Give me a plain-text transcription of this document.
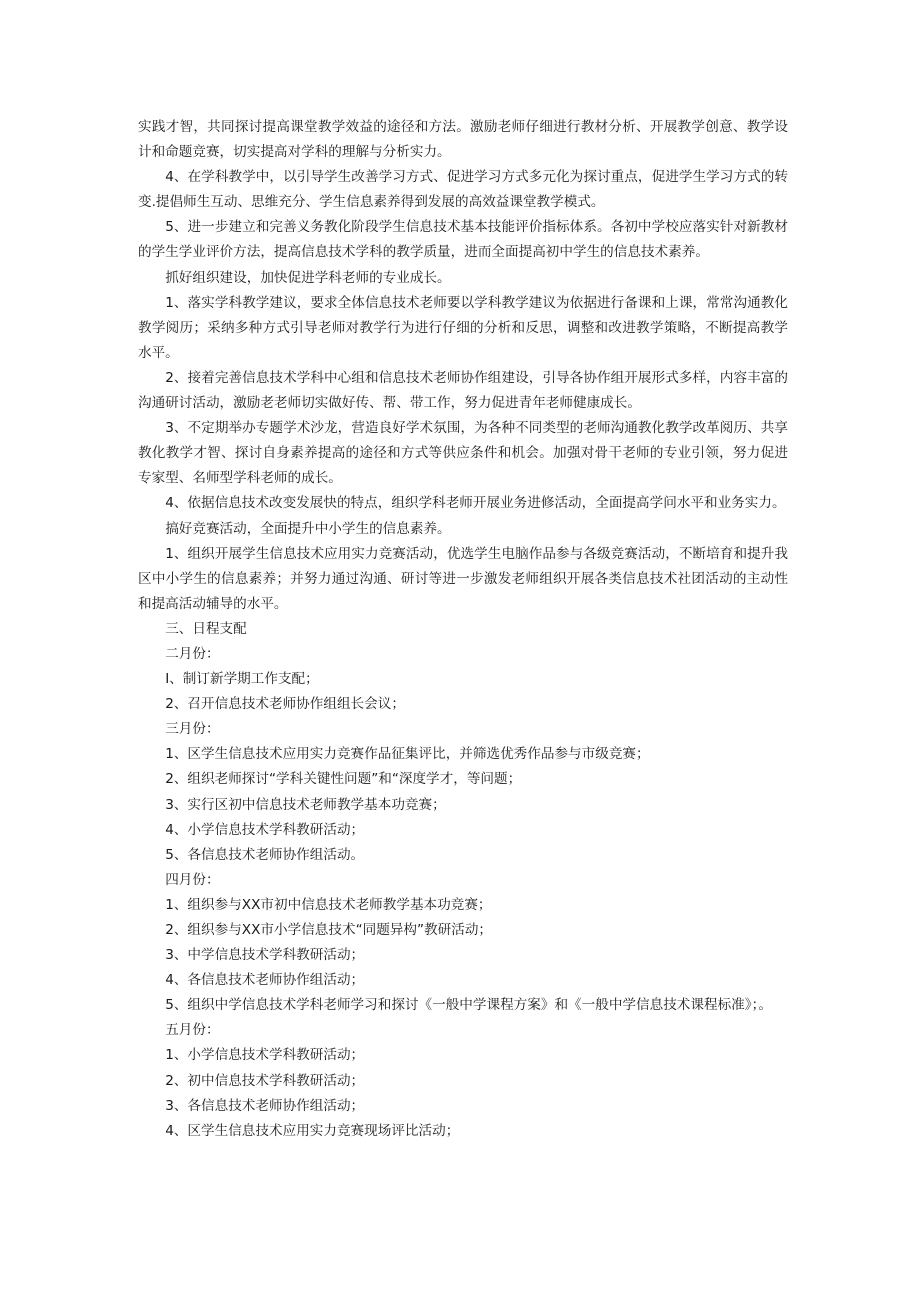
实践才智，共同探讨提高课堂教学效益的途径和方法。激励老师仔细进行教材分析、开展教学创意、教学设计和命题竞赛，切实提高对学科的理解与分析实力。

4、在学科教学中，以引导学生改善学习方式、促进学习方式多元化为探讨重点，促进学生学习方式的转变.提倡师生互动、思维充分、学生信息素养得到发展的高效益课堂教学模式。

5、进一步建立和完善义务教化阶段学生信息技术基本技能评价指标体系。各初中学校应落实针对新教材的学生学业评价方法，提高信息技术学科的教学质量，进而全面提高初中学生的信息技术素养。

抓好组织建设，加快促进学科老师的专业成长。

1、落实学科教学建议，要求全体信息技术老师要以学科教学建议为依据进行备课和上课，常常沟通教化教学阅历；采纳多种方式引导老师对教学行为进行仔细的分析和反思，调整和改进教学策略，不断提高教学水平。

2、接着完善信息技术学科中心组和信息技术老师协作组建设，引导各协作组开展形式多样，内容丰富的沟通研讨活动，激励老老师切实做好传、帮、带工作，努力促进青年老师健康成长。

3、不定期举办专题学术沙龙，营造良好学术氛围，为各种不同类型的老师沟通教化教学改革阅历、共享教化教学才智、探讨自身素养提高的途径和方式等供应条件和机会。加强对骨干老师的专业引领，努力促进专家型、名师型学科老师的成长。

4、依据信息技术改变发展快的特点，组织学科老师开展业务进修活动，全面提高学问水平和业务实力。

搞好竞赛活动，全面提升中小学生的信息素养。

1、组织开展学生信息技术应用实力竞赛活动，优选学生电脑作品参与各级竞赛活动，不断培育和提升我区中小学生的信息素养；并努力通过沟通、研讨等进一步激发老师组织开展各类信息技术社团活动的主动性和提高活动辅导的水平。

三、日程支配

二月份：

I、制订新学期工作支配；

2、召开信息技术老师协作组组长会议；

三月份：

1、区学生信息技术应用实力竞赛作品征集评比，并筛选优秀作品参与市级竞赛；

2、组织老师探讨“学科关键性问题”和“深度学才，等问题；

3、实行区初中信息技术老师教学基本功竞赛；

4、小学信息技术学科教研活动；

5、各信息技术老师协作组活动。

四月份：

1、组织参与XX市初中信息技术老师教学基本功竞赛；

2、组织参与XX市小学信息技术“同题异构”教研活动；

3、中学信息技术学科教研活动；

4、各信息技术老师协作组活动；

5、组织中学信息技术学科老师学习和探讨《一般中学课程方案》和《一般中学信息技术课程标准》；。

五月份：

1、小学信息技术学科教研活动；

2、初中信息技术学科教研活动；

3、各信息技术老师协作组活动；

4、区学生信息技术应用实力竞赛现场评比活动；
